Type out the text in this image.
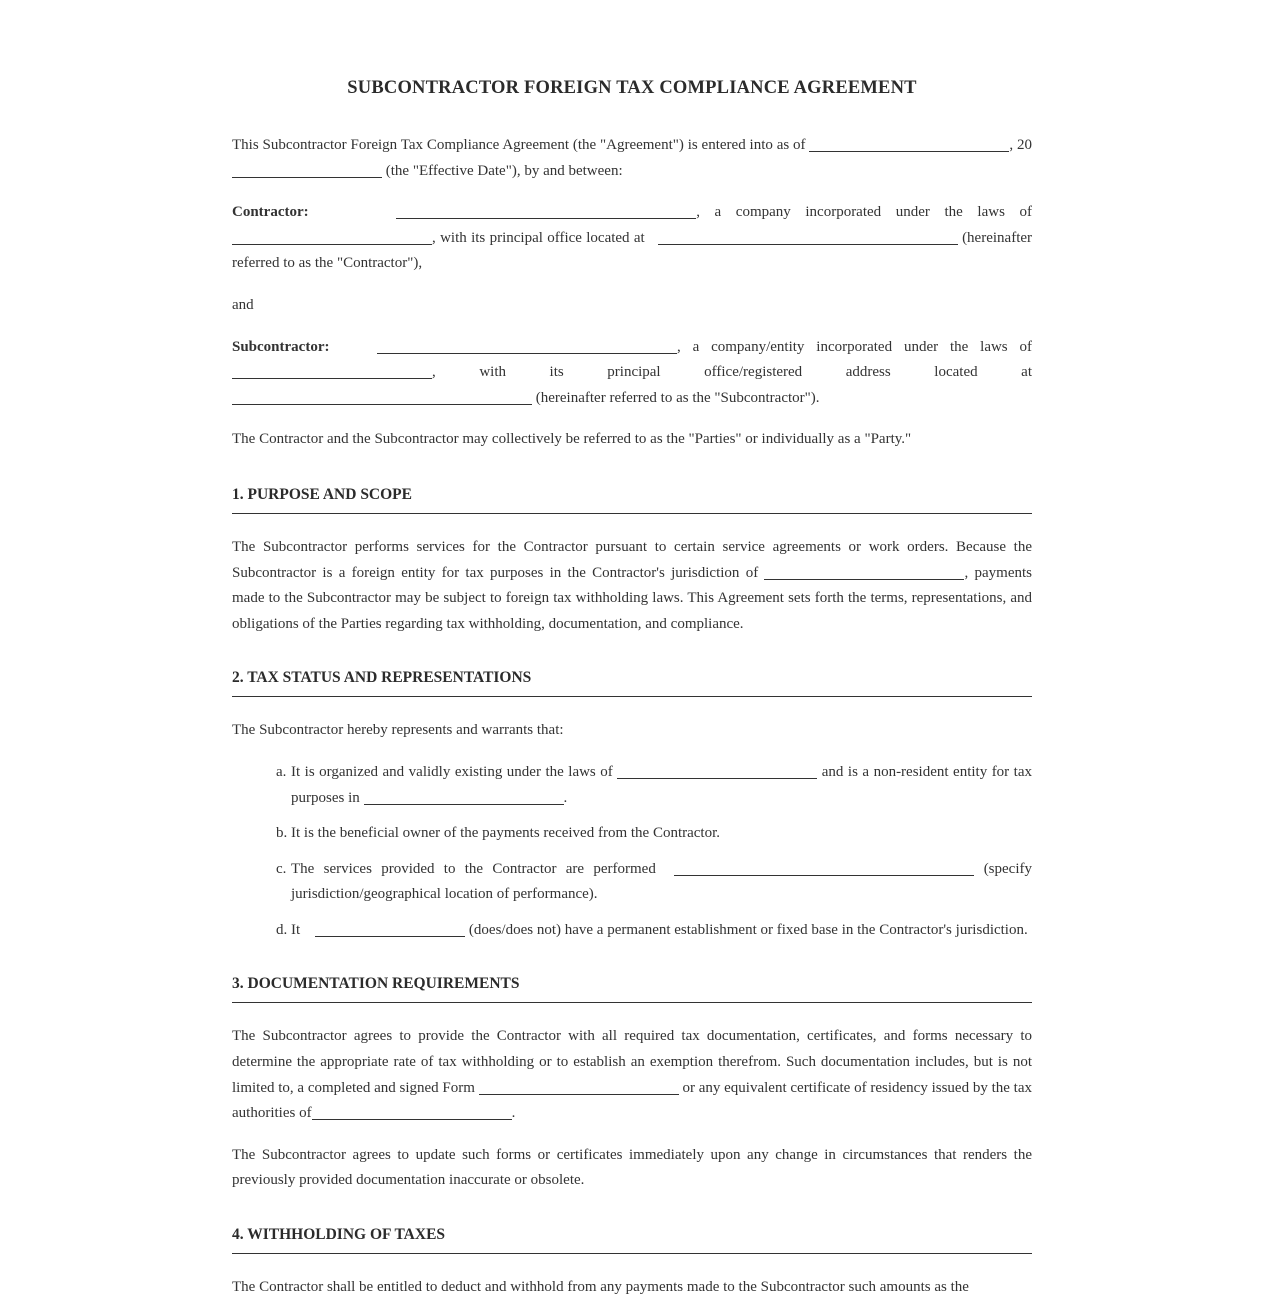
SUBCONTRACTOR FOREIGN TAX COMPLIANCE AGREEMENT

This Subcontractor Foreign Tax Compliance Agreement (the "Agreement") is entered into as of	, 20 (the "Effective Date"), by and between:

Contractor:	, a company incorporated under the laws of , with its principal office located at	(hereinafter referred to as the "Contractor"),

and

Subcontractor:	, a company/entity incorporated under the laws of , with its principal office/registered address located at  (hereinafter referred to as the "Subcontractor").

The Contractor and the Subcontractor may collectively be referred to as the "Parties" or individually as a "Party."

1. PURPOSE AND SCOPE

The Subcontractor performs services for the Contractor pursuant to certain service agreements or work orders. Because the Subcontractor is a foreign entity for tax purposes in the Contractor's jurisdiction of	, payments made to the Subcontractor may be subject to foreign tax withholding laws. This Agreement sets forth the terms, representations, and obligations of the Parties regarding tax withholding, documentation, and compliance.

2. TAX STATUS AND REPRESENTATIONS

The Subcontractor hereby represents and warrants that:

a. It is organized and validly existing under the laws of	and is a non-resident entity for tax purposes in	.
b. It is the beneficial owner of the payments received from the Contractor.
c. The services provided to the Contractor are performed	(specify jurisdiction/geographical location of performance).
d. It	(does/does not) have a permanent establishment or fixed base in the Contractor's jurisdiction.
3. DOCUMENTATION REQUIREMENTS

The Subcontractor agrees to provide the Contractor with all required tax documentation, certificates, and forms necessary to determine the appropriate rate of tax withholding or to establish an exemption therefrom. Such documentation includes, but is not limited to, a completed and signed Form	or any equivalent certificate of residency issued by the tax authorities of	.

The Subcontractor agrees to update such forms or certificates immediately upon any change in circumstances that renders the previously provided documentation inaccurate or obsolete.

4. WITHHOLDING OF TAXES

The Contractor shall be entitled to deduct and withhold from any payments made to the Subcontractor such amounts as the
